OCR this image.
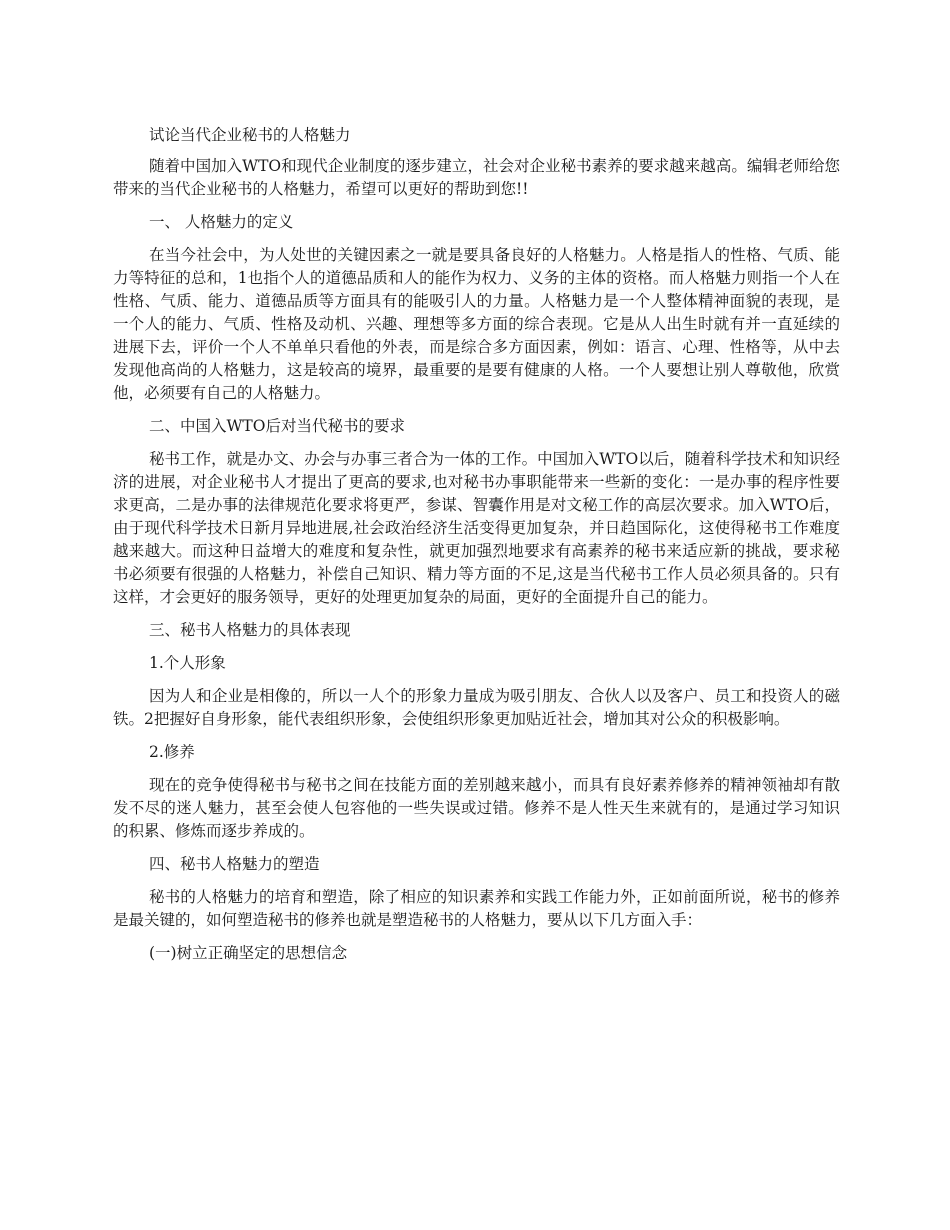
试论当代企业秘书的人格魅力

随着中国加入WTO和现代企业制度的逐步建立，社会对企业秘书素养的要求越来越高。编辑老师给您带来的当代企业秘书的人格魅力，希望可以更好的帮助到您!!

一、 人格魅力的定义

在当今社会中，为人处世的关键因素之一就是要具备良好的人格魅力。人格是指人的性格、气质、能力等特征的总和，1也指个人的道德品质和人的能作为权力、义务的主体的资格。而人格魅力则指一个人在性格、气质、能力、道德品质等方面具有的能吸引人的力量。人格魅力是一个人整体精神面貌的表现，是一个人的能力、气质、性格及动机、兴趣、理想等多方面的综合表现。它是从人出生时就有并一直延续的进展下去，评价一个人不单单只看他的外表，而是综合多方面因素，例如：语言、心理、性格等，从中去发现他高尚的人格魅力，这是较高的境界，最重要的是要有健康的人格。一个人要想让别人尊敬他，欣赏他，必须要有自己的人格魅力。

二、中国入WTO后对当代秘书的要求

秘书工作，就是办文、办会与办事三者合为一体的工作。中国加入WTO以后，随着科学技术和知识经济的进展，对企业秘书人才提出了更高的要求,也对秘书办事职能带来一些新的变化：一是办事的程序性要求更高，二是办事的法律规范化要求将更严，参谋、智囊作用是对文秘工作的高层次要求。加入WTO后，由于现代科学技术日新月异地进展,社会政治经济生活变得更加复杂，并日趋国际化，这使得秘书工作难度越来越大。而这种日益增大的难度和复杂性，就更加强烈地要求有高素养的秘书来适应新的挑战，要求秘书必须要有很强的人格魅力，补偿自己知识、精力等方面的不足,这是当代秘书工作人员必须具备的。只有这样，才会更好的服务领导，更好的处理更加复杂的局面，更好的全面提升自己的能力。

三、秘书人格魅力的具体表现

1.个人形象

因为人和企业是相像的，所以一人个的形象力量成为吸引朋友、合伙人以及客户、员工和投资人的磁铁。2把握好自身形象，能代表组织形象，会使组织形象更加贴近社会，增加其对公众的积极影响。

2.修养

现在的竞争使得秘书与秘书之间在技能方面的差别越来越小，而具有良好素养修养的精神领袖却有散发不尽的迷人魅力，甚至会使人包容他的一些失误或过错。修养不是人性天生来就有的，是通过学习知识的积累、修炼而逐步养成的。

四、秘书人格魅力的塑造

秘书的人格魅力的培育和塑造，除了相应的知识素养和实践工作能力外，正如前面所说，秘书的修养是最关键的，如何塑造秘书的修养也就是塑造秘书的人格魅力，要从以下几方面入手：

(一)树立正确坚定的思想信念
